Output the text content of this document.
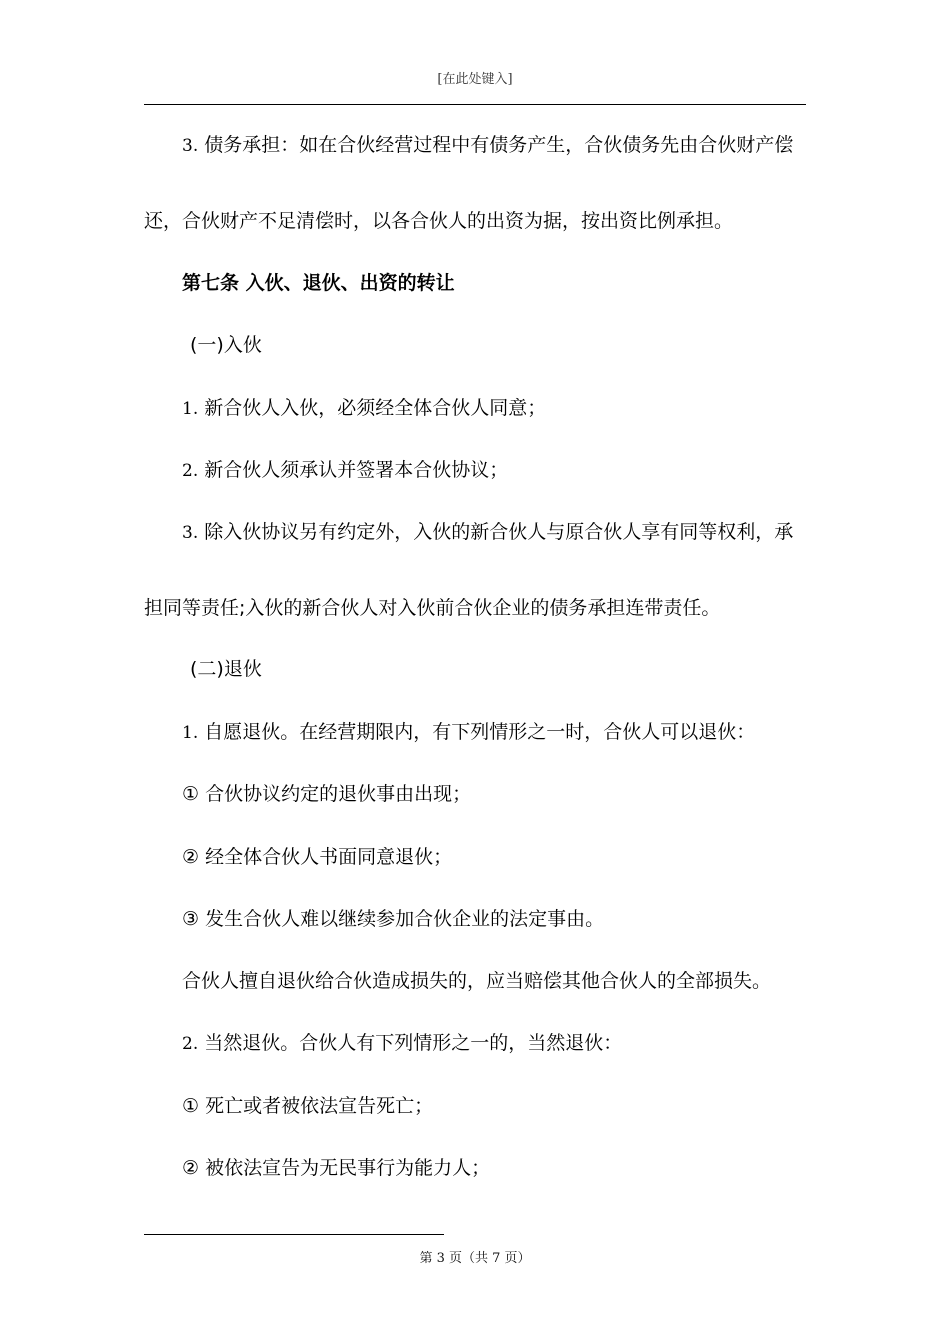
[在此处键入]
3. 债务承担：如在合伙经营过程中有债务产生，合伙债务先由合伙财产偿
还，合伙财产不足清偿时，以各合伙人的出资为据，按出资比例承担。
第七条 入伙、退伙、出资的转让
(一)入伙
1. 新合伙人入伙，必须经全体合伙人同意；
2. 新合伙人须承认并签署本合伙协议；
3. 除入伙协议另有约定外，入伙的新合伙人与原合伙人享有同等权利，承
担同等责任;入伙的新合伙人对入伙前合伙企业的债务承担连带责任。
(二)退伙
1. 自愿退伙。在经营期限内，有下列情形之一时，合伙人可以退伙：
① 合伙协议约定的退伙事由出现；
② 经全体合伙人书面同意退伙；
③ 发生合伙人难以继续参加合伙企业的法定事由。
合伙人擅自退伙给合伙造成损失的，应当赔偿其他合伙人的全部损失。
2. 当然退伙。合伙人有下列情形之一的，当然退伙：
① 死亡或者被依法宣告死亡；
② 被依法宣告为无民事行为能力人；
第 3 页（共 7 页）
